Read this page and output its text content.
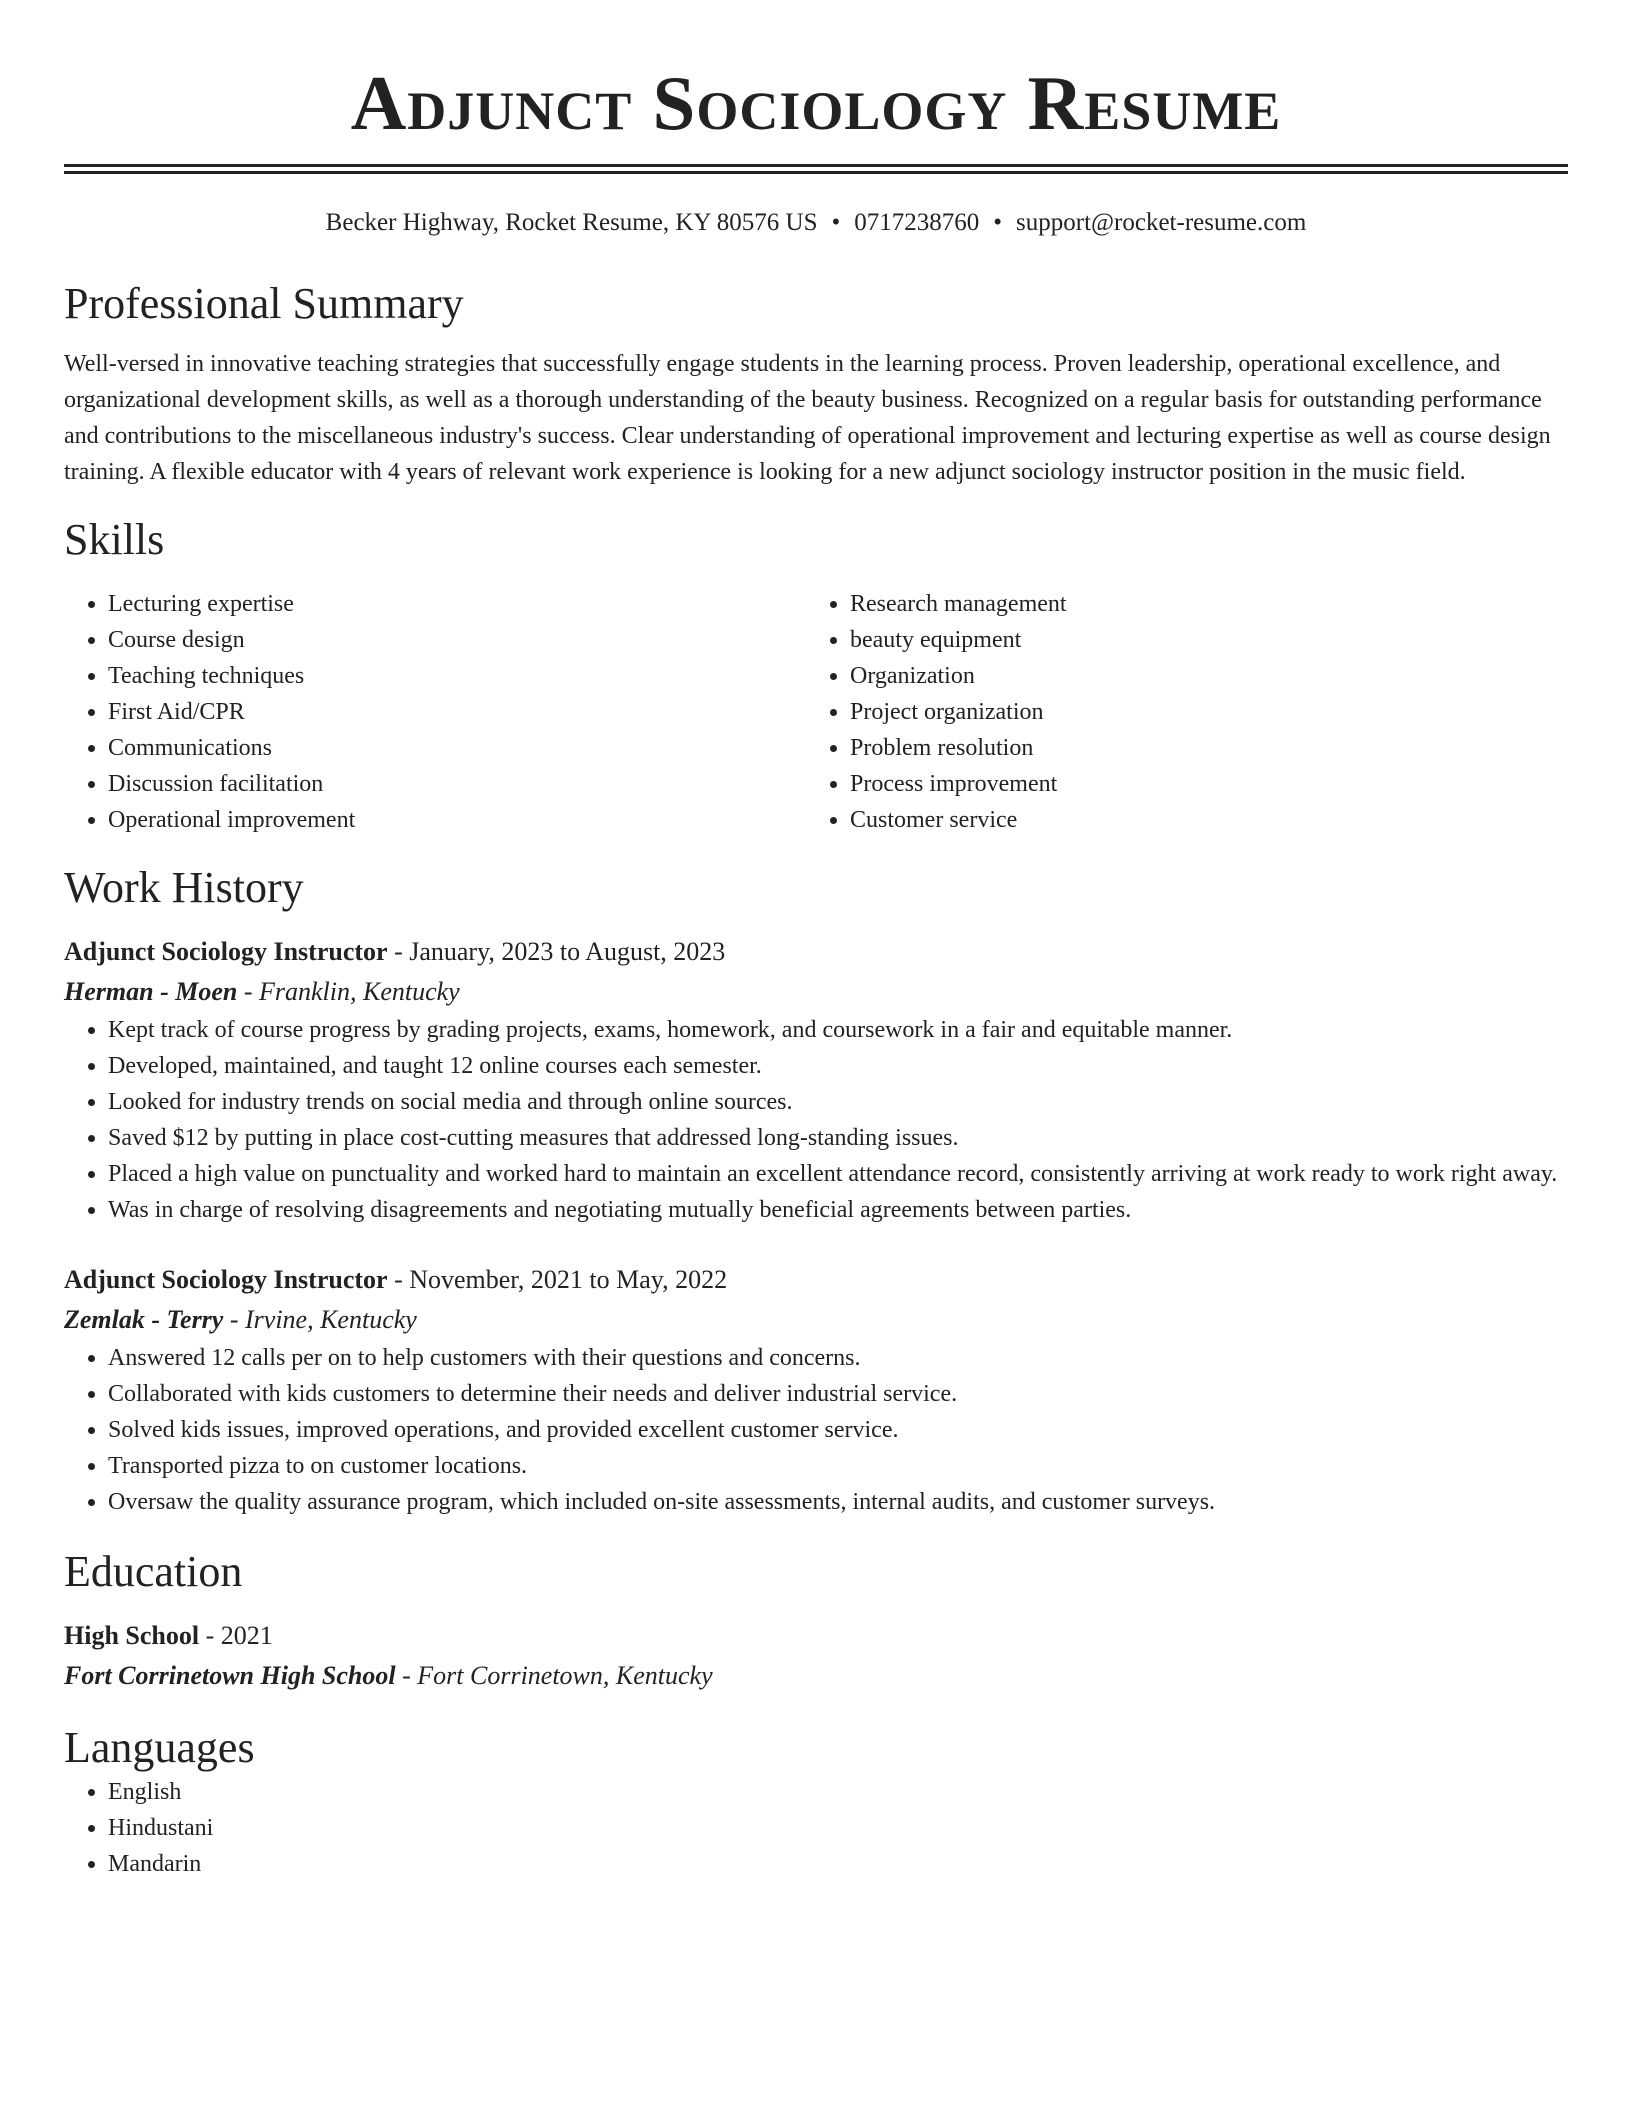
Adjunct Sociology Resume
Becker Highway, Rocket Resume, KY 80576 US • 0717238760 • support@rocket-resume.com
Professional Summary

Well-versed in innovative teaching strategies that successfully engage students in the learning process. Proven leadership, operational excellence, and organizational development skills, as well as a thorough understanding of the beauty business. Recognized on a regular basis for outstanding performance and contributions to the miscellaneous industry's success. Clear understanding of operational improvement and lecturing expertise as well as course design training. A flexible educator with 4 years of relevant work experience is looking for a new adjunct sociology instructor position in the music field.

Skills
• Lecturing expertise
• Course design
• Teaching techniques
• First Aid/CPR
• Communications
• Discussion facilitation
• Operational improvement
• Research management
• beauty equipment
• Organization
• Project organization
• Problem resolution
• Process improvement
• Customer service
Work History
Adjunct Sociology Instructor - January, 2023 to August, 2023
Herman - Moen - Franklin, Kentucky
• Kept track of course progress by grading projects, exams, homework, and coursework in a fair and equitable manner.
• Developed, maintained, and taught 12 online courses each semester.
• Looked for industry trends on social media and through online sources.
• Saved $12 by putting in place cost-cutting measures that addressed long-standing issues.
• Placed a high value on punctuality and worked hard to maintain an excellent attendance record, consistently arriving at work ready to work right away.
• Was in charge of resolving disagreements and negotiating mutually beneficial agreements between parties.
Adjunct Sociology Instructor - November, 2021 to May, 2022
Zemlak - Terry - Irvine, Kentucky
• Answered 12 calls per on to help customers with their questions and concerns.
• Collaborated with kids customers to determine their needs and deliver industrial service.
• Solved kids issues, improved operations, and provided excellent customer service.
• Transported pizza to on customer locations.
• Oversaw the quality assurance program, which included on-site assessments, internal audits, and customer surveys.
Education
High School - 2021
Fort Corrinetown High School - Fort Corrinetown, Kentucky
Languages
• English
• Hindustani
• Mandarin
